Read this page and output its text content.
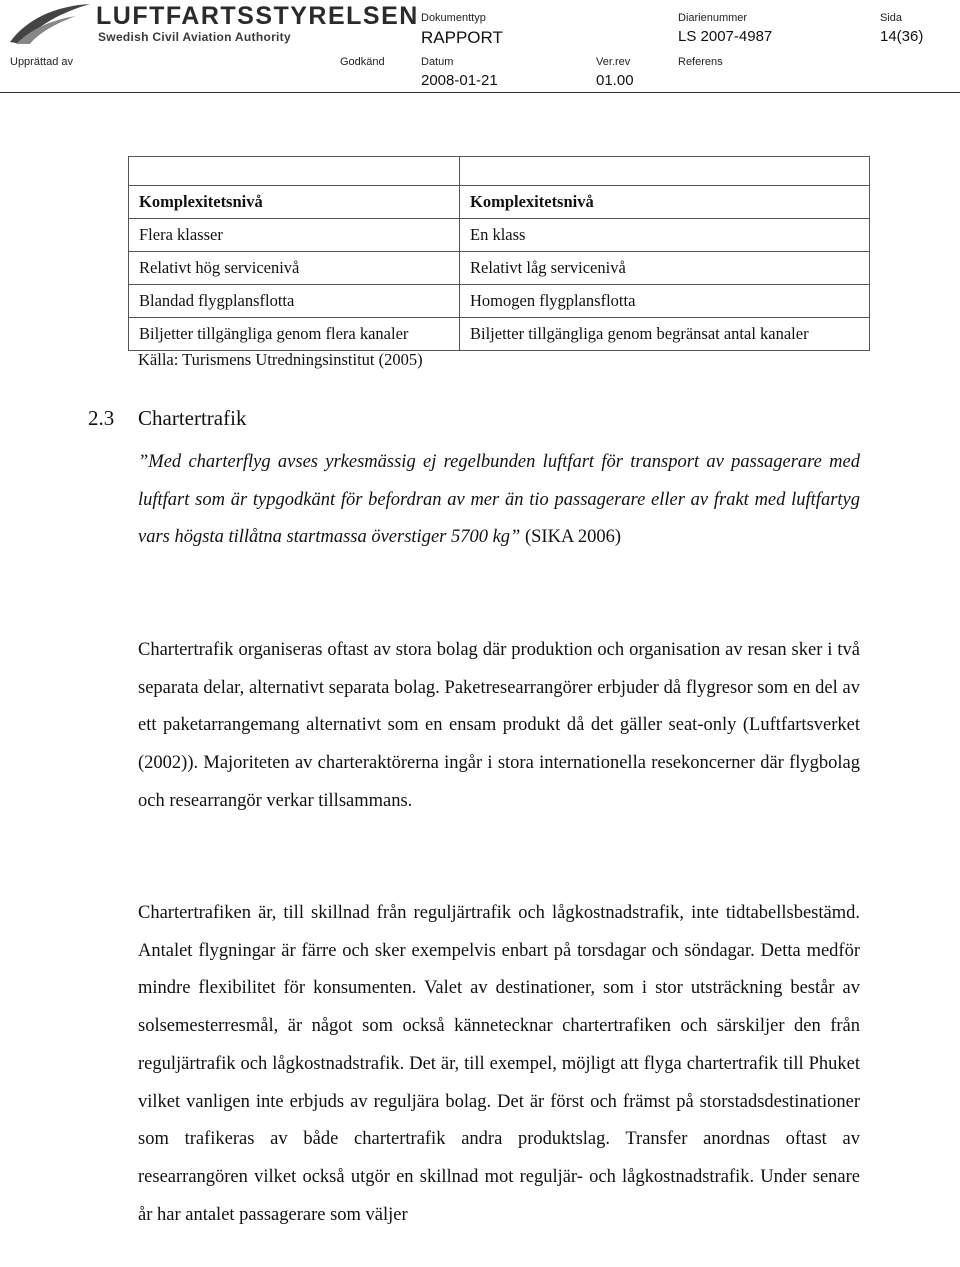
LUFTFARTSSTYRELSEN
Swedish Civil Aviation Authority
Dokumenttyp
RAPPORT
Diarienummer
LS 2007-4987
Sida
14(36)
Upprättad av	Godkänd	Datum
2008-01-21
Ver.rev
01.00
Referens

Komplexitetsnivå	Komplexitetsnivå
Flera klasser	En klass
Relativt hög servicenivå	Relativt låg servicenivå
Blandad flygplansflotta	Homogen flygplansflotta
Biljetter tillgängliga genom flera kanaler	Biljetter tillgängliga genom begränsat antal kanaler
Källa: Turismens Utredningsinstitut (2005)
2.3 Chartertrafik

”Med charterflyg avses yrkesmässig ej regelbunden luftfart för transport av passagerare med luftfart som är typgodkänt för befordran av mer än tio passagerare eller av frakt med luftfartyg vars högsta tillåtna startmassa överstiger 5700 kg” (SIKA 2006)

Chartertrafik organiseras oftast av stora bolag där produktion och organisation av resan sker i två separata delar, alternativt separata bolag. Paketresearrangörer erbjuder då flygresor som en del av ett paketarrangemang alternativt som en ensam produkt då det gäller seat-only (Luftfartsverket (2002)). Majoriteten av charteraktörerna ingår i stora internationella resekoncerner där flygbolag och researrangör verkar tillsammans.

Chartertrafiken är, till skillnad från reguljärtrafik och lågkostnadstrafik, inte tidtabellsbestämd. Antalet flygningar är färre och sker exempelvis enbart på torsdagar och söndagar. Detta medför mindre flexibilitet för konsumenten. Valet av destinationer, som i stor utsträckning består av solsemesterresmål, är något som också kännetecknar chartertrafiken och särskiljer den från reguljärtrafik och lågkostnadstrafik. Det är, till exempel, möjligt att flyga chartertrafik till Phuket vilket vanligen inte erbjuds av reguljära bolag. Det är först och främst på storstadsdestinationer som trafikeras av både chartertrafik andra produktslag. Transfer anordnas oftast av researrangören vilket också utgör en skillnad mot reguljär- och lågkostnadstrafik. Under senare år har antalet passagerare som väljer
